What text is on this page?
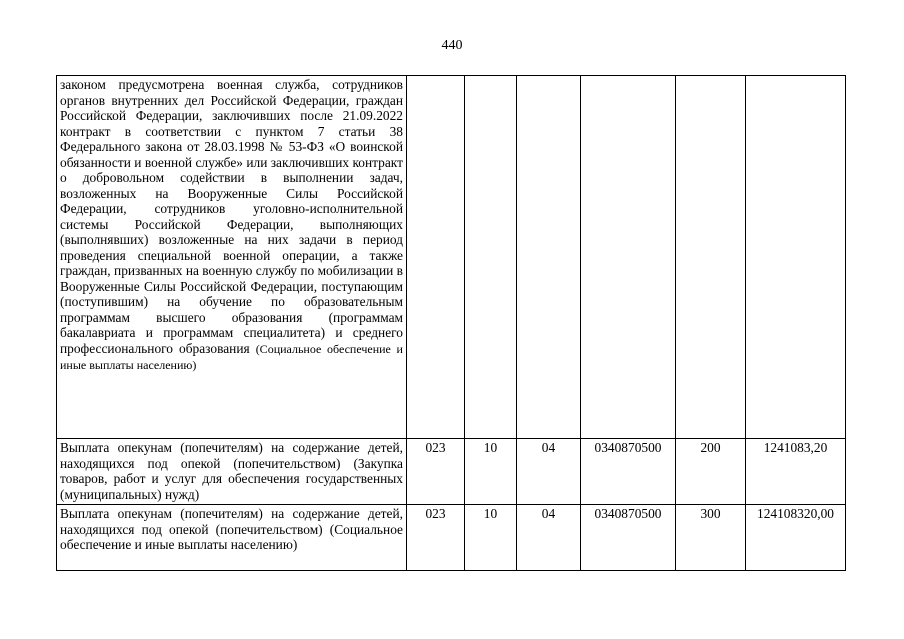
440
законом предусмотрена военная служба, сотрудников органов внутренних дел Российской Федерации, граждан Российской Федерации, заключивших после 21.09.2022 контракт в соответствии с пунктом 7 статьи 38 Федерального закона от 28.03.1998 № 53-ФЗ «О воинской обязанности и военной службе» или заключивших контракт о добровольном содействии в выполнении задач, возложенных на Вооруженные Силы Российской Федерации, сотрудников уголовно-исполнительной системы Российской Федерации, выполняющих (выполнявших) возложенные на них задачи в период проведения специальной военной операции, а также граждан, призванных на военную службу по мобилизации в Вооруженные Силы Российской Федерации, поступающим (поступившим) на обучение по образовательным программам высшего образования (программам бакалавриата и программам специалитета) и среднего профессионального образования (Социальное обеспечение и иные выплаты населению)						
Выплата опекунам (попечителям) на содержание детей, находящихся под опекой (попечительством) (Закупка товаров, работ и услуг для обеспечения государственных (муниципальных) нужд)	023	10	04	0340870500	200	1241083,20
Выплата опекунам (попечителям) на содержание детей, находящихся под опекой (попечительством) (Социальное обеспечение и иные выплаты населению)	023	10	04	0340870500	300	124108320,00
